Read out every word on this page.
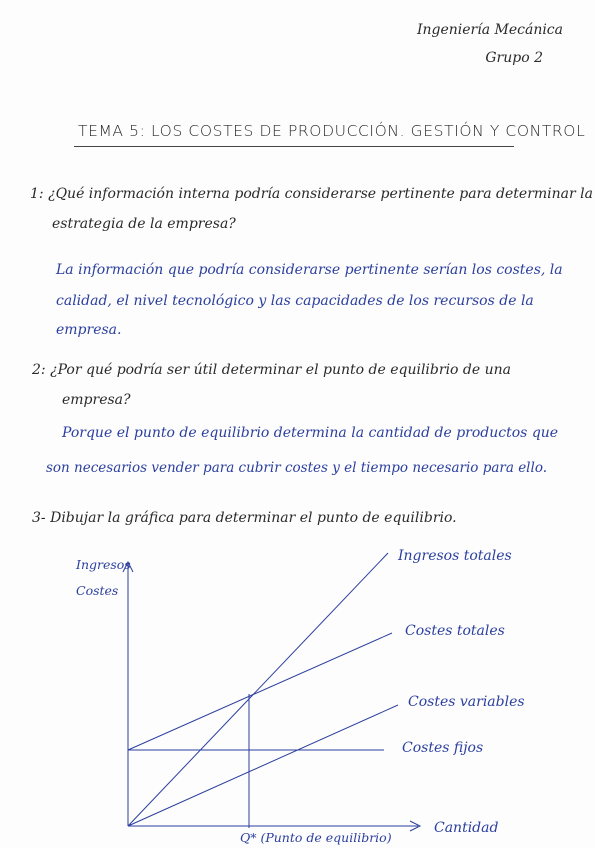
Ingeniería Mecánica
Grupo 2
TEMA 5: LOS COSTES DE PRODUCCIÓN. GESTIÓN Y CONTROL
1: ¿Qué información interna podría considerarse pertinente para determinar la
estrategia de la empresa?
La información que podría considerarse pertinente serían los costes, la
calidad, el nivel tecnológico y las capacidades de los recursos de la
empresa.
2: ¿Por qué podría ser útil determinar el punto de equilibrio de una
empresa?
Porque el punto de equilibrio determina la cantidad de productos que
son necesarios vender para cubrir costes y el tiempo necesario para ello.
3- Dibujar la gráfica para determinar el punto de equilibrio.
Ingresos
Costes
Ingresos totales
Costes totales
Costes variables
Costes fijos
Q* (Punto de equilibrio)
Cantidad
